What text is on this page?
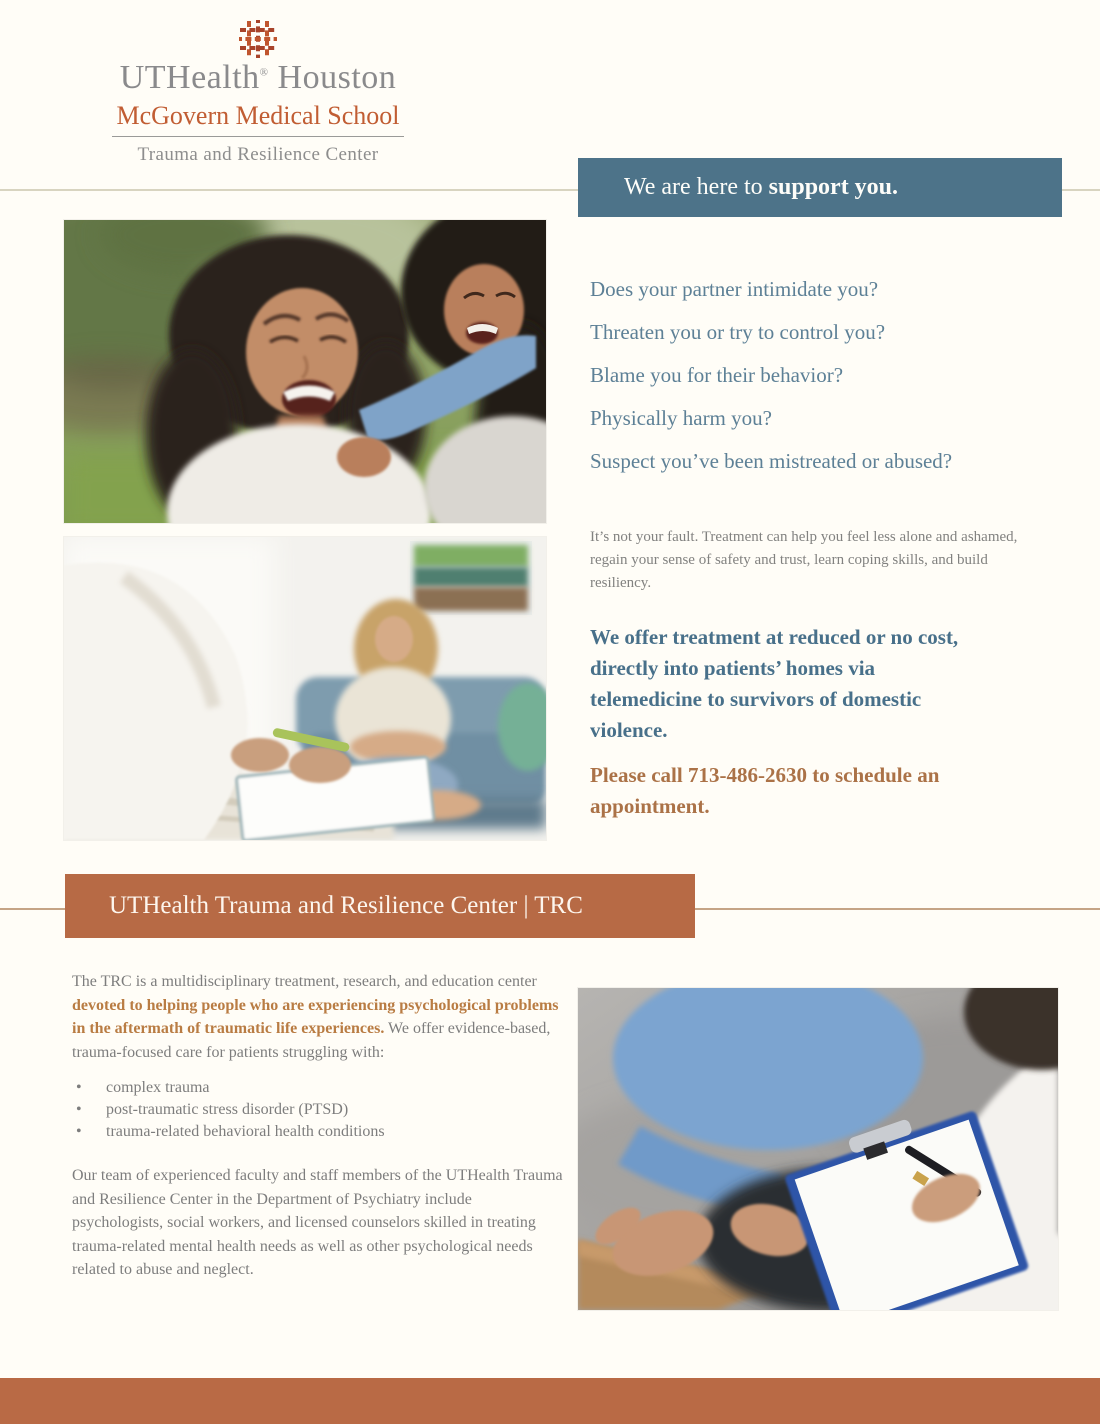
UTHealth® Houston
McGovern Medical School
Trauma and Resilience Center
We are here to support you.
Does your partner intimidate you?
Threaten you or try to control you?
Blame you for their behavior?
Physically harm you?
Suspect you’ve been mistreated or abused?
It’s not your fault. Treatment can help you feel less alone and ashamed, regain your sense of safety and trust, learn coping skills, and build resiliency.
We offer treatment at reduced or no cost, directly into patients’ homes via telemedicine to survivors of domestic violence.
Please call 713-486-2630 to schedule an appointment.
UTHealth Trauma and Resilience Center | TRC
The TRC is a multidisciplinary treatment, research, and education center devoted to helping people who are experiencing psychological problems in the aftermath of traumatic life experiences. We offer evidence-based, trauma-focused care for patients struggling with:
• complex trauma
• post-traumatic stress disorder (PTSD)
• trauma-related behavioral health conditions
Our team of experienced faculty and staff members of the UTHealth Trauma and Resilience Center in the Department of Psychiatry include psychologists, social workers, and licensed counselors skilled in treating trauma-related mental health needs as well as other psychological needs related to abuse and neglect.
